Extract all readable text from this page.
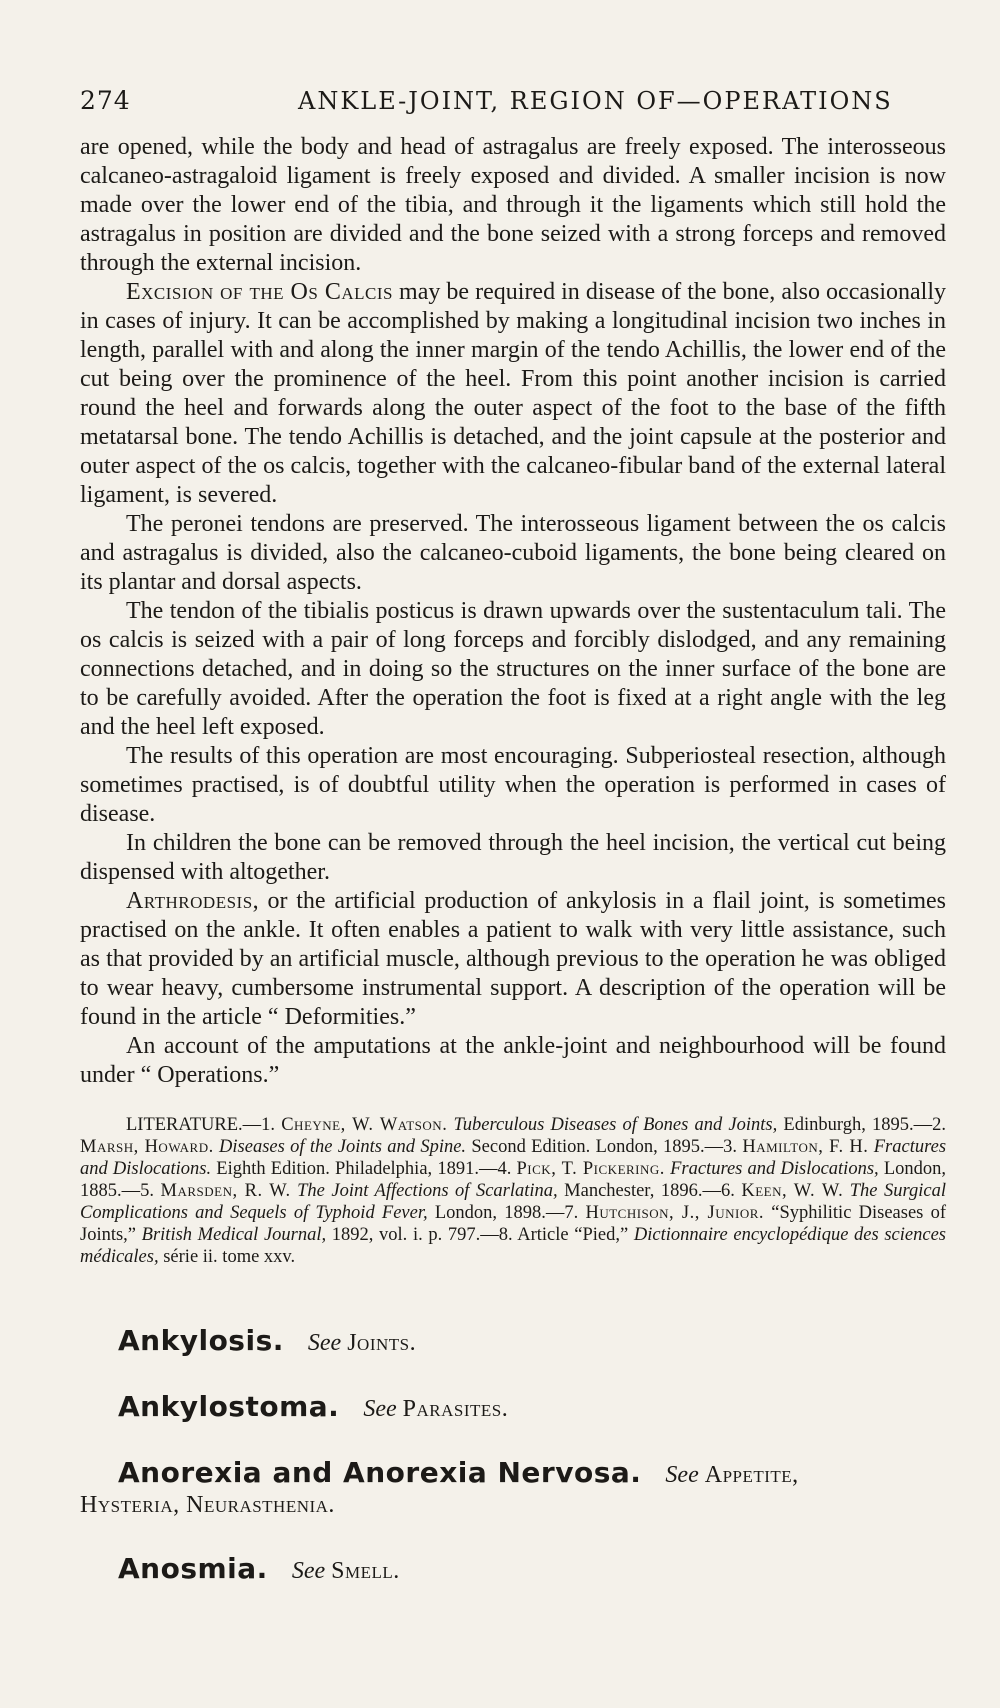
274	ANKLE-JOINT, REGION OF—OPERATIONS

are opened, while the body and head of astragalus are freely exposed. The interosseous calcaneo-astragaloid ligament is freely exposed and divided. A smaller incision is now made over the lower end of the tibia, and through it the ligaments which still hold the astragalus in position are divided and the bone seized with a strong forceps and removed through the external incision.

Excision of the Os Calcis may be required in disease of the bone, also occasionally in cases of injury. It can be accomplished by making a longitudinal incision two inches in length, parallel with and along the inner margin of the tendo Achillis, the lower end of the cut being over the prominence of the heel. From this point another incision is carried round the heel and forwards along the outer aspect of the foot to the base of the fifth metatarsal bone. The tendo Achillis is detached, and the joint capsule at the posterior and outer aspect of the os calcis, together with the calcaneo-fibular band of the external lateral ligament, is severed.

The peronei tendons are preserved. The interosseous ligament between the os calcis and astragalus is divided, also the calcaneo-cuboid ligaments, the bone being cleared on its plantar and dorsal aspects.

The tendon of the tibialis posticus is drawn upwards over the sustentaculum tali. The os calcis is seized with a pair of long forceps and forcibly dislodged, and any remaining connections detached, and in doing so the structures on the inner surface of the bone are to be carefully avoided. After the operation the foot is fixed at a right angle with the leg and the heel left exposed.

The results of this operation are most encouraging. Subperiosteal resection, although sometimes practised, is of doubtful utility when the operation is performed in cases of disease.

In children the bone can be removed through the heel incision, the vertical cut being dispensed with altogether.

Arthrodesis, or the artificial production of ankylosis in a flail joint, is sometimes practised on the ankle. It often enables a patient to walk with very little assistance, such as that provided by an artificial muscle, although previous to the operation he was obliged to wear heavy, cumbersome instrumental support. A description of the operation will be found in the article “ Deformities.”

An account of the amputations at the ankle-joint and neighbourhood will be found under “ Operations.”

LITERATURE.—1. Cheyne, W. Watson. Tuberculous Diseases of Bones and Joints, Edinburgh, 1895.—2. Marsh, Howard. Diseases of the Joints and Spine. Second Edition. London, 1895.—3. Hamilton, F. H. Fractures and Dislocations. Eighth Edition. Philadelphia, 1891.—4. Pick, T. Pickering. Fractures and Dislocations, London, 1885.—5. Marsden, R. W. The Joint Affections of Scarlatina, Manchester, 1896.—6. Keen, W. W. The Surgical Complications and Sequels of Typhoid Fever, London, 1898.—7. Hutchison, J., Junior. “Syphilitic Diseases of Joints,” British Medical Journal, 1892, vol. i. p. 797.—8. Article “Pied,” Dictionnaire encyclopédique des sciences médicales, série ii. tome xxv.
Ankylosis. See Joints.
Ankylostoma. See Parasites.
Anorexia and Anorexia Nervosa. See Appetite,
Hysteria, Neurasthenia.
Anosmia. See Smell.
